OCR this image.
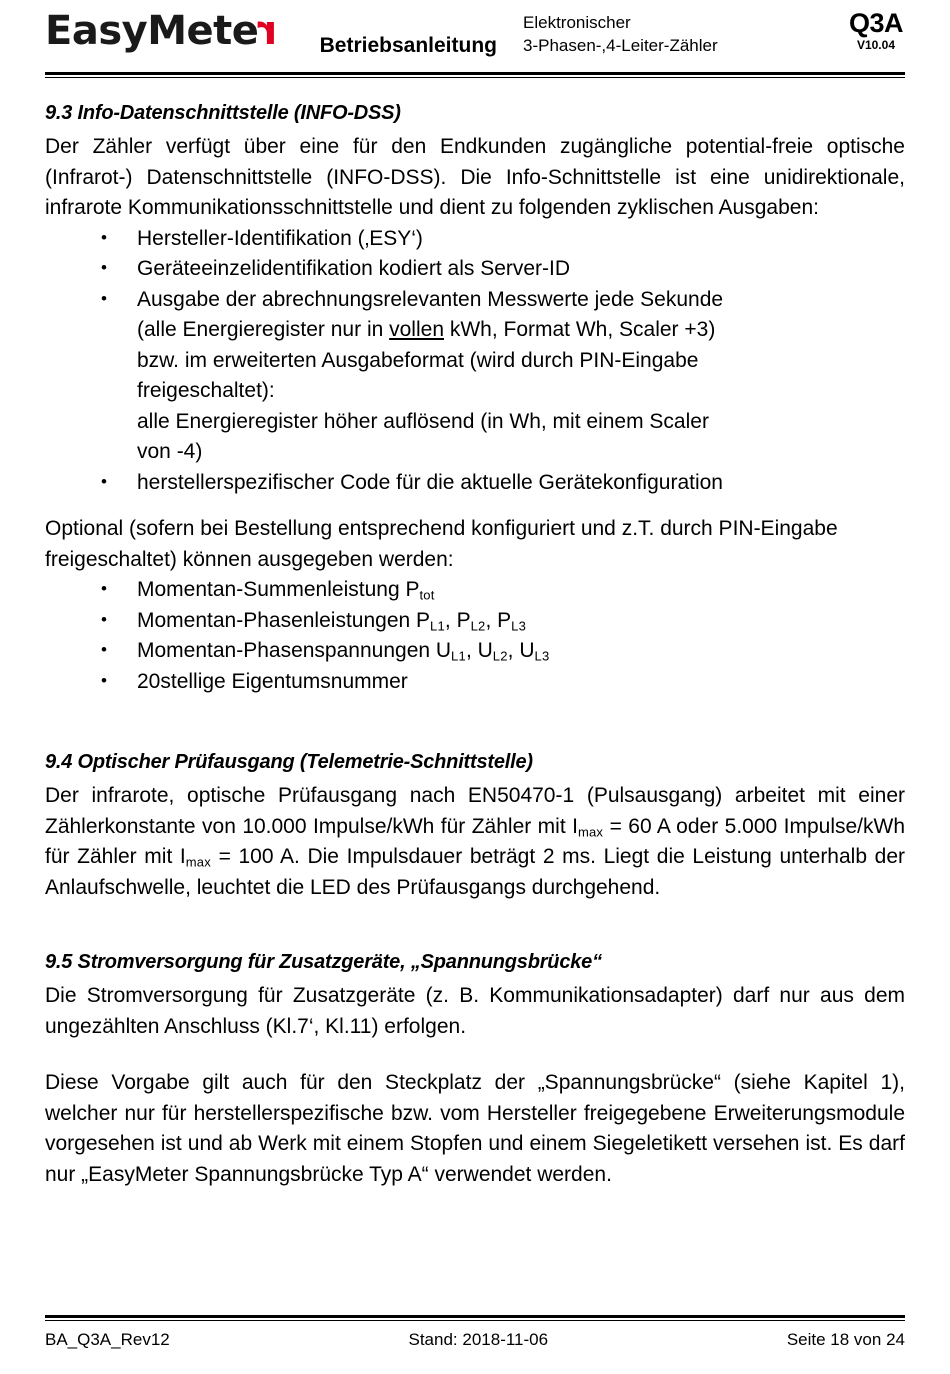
EasyMeter Betriebsanleitung
Elektronischer
3-Phasen-,4-Leiter-Zähler
Q3A
V10.04
9.3 Info-Datenschnittstelle (INFO-DSS)

Der Zähler verfügt über eine für den Endkunden zugängliche potential-freie optische (Infrarot-) Datenschnittstelle (INFO-DSS). Die Info-Schnittstelle ist eine unidirektionale, infrarote Kommunikationsschnittstelle und dient zu folgenden zyklischen Ausgaben:

• Hersteller-Identifikation (‚ESY‘)
• Geräteeinzelidentifikation kodiert als Server-ID
• Ausgabe der abrechnungsrelevanten Messwerte jede Sekunde
(alle Energieregister nur in vollen kWh, Format Wh, Scaler +3)
bzw. im erweiterten Ausgabeformat (wird durch PIN-Eingabe
freigeschaltet):
alle Energieregister höher auflösend (in Wh, mit einem Scaler
von -4)
• herstellerspezifischer Code für die aktuelle Gerätekonfiguration

Optional (sofern bei Bestellung entsprechend konfiguriert und z.T. durch PIN-Eingabe freigeschaltet) können ausgegeben werden:

• Momentan-Summenleistung $P_{tot}$
• Momentan-Phasenleistungen $P_{L1}$, $P_{L2}$, $P_{L3}$
• Momentan-Phasenspannungen $U_{L1}$, $U_{L2}$, $U_{L3}$
• 20stellige Eigentumsnummer
9.4 Optischer Prüfausgang (Telemetrie-Schnittstelle)

Der infrarote, optische Prüfausgang nach EN50470-1 (Pulsausgang) arbeitet mit einer Zählerkonstante von 10.000 Impulse/kWh für Zähler mit $I_{max} = 60$ A oder 5.000 Impulse/kWh für Zähler mit $I_{max} = 100$ A. Die Impulsdauer beträgt 2 ms. Liegt die Leistung unterhalb der Anlaufschwelle, leuchtet die LED des Prüfausgangs durchgehend.

9.5 Stromversorgung für Zusatzgeräte, „Spannungsbrücke“

Die Stromversorgung für Zusatzgeräte (z. B. Kommunikationsadapter) darf nur aus dem ungezählten Anschluss (Kl.7‘, Kl.11) erfolgen.

Diese Vorgabe gilt auch für den Steckplatz der „Spannungsbrücke“ (siehe Kapitel 1), welcher nur für herstellerspezifische bzw. vom Hersteller freigegebene Erweiterungsmodule vorgesehen ist und ab Werk mit einem Stopfen und einem Siegeletikett versehen ist. Es darf nur „EasyMeter Spannungsbrücke Typ A“ verwendet werden.

BA_Q3A_Rev12	Stand: 2018-11-06	Seite 18 von 24
